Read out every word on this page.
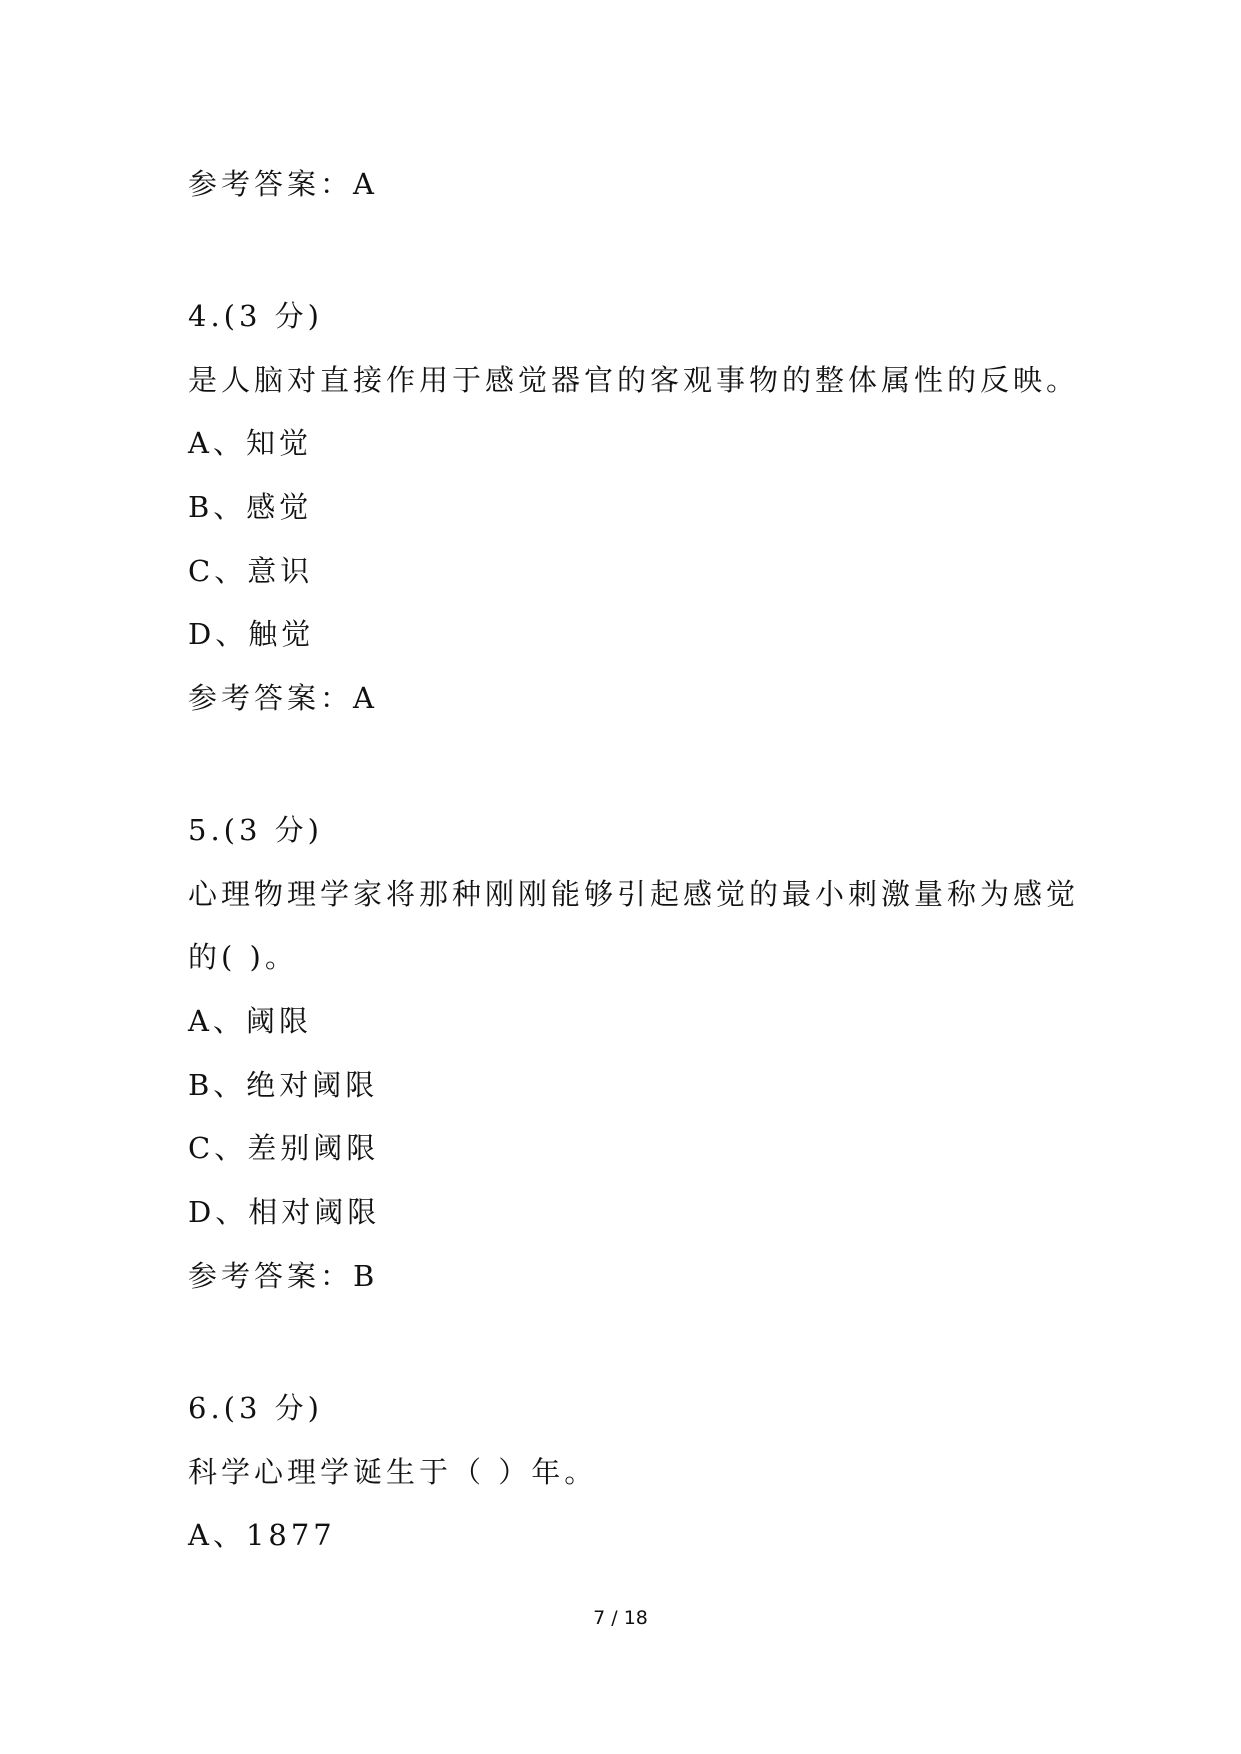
参考答案：A
4.(3 分)
是人脑对直接作用于感觉器官的客观事物的整体属性的反映。
A、知觉
B、感觉
C、意识
D、触觉
参考答案：A
5.(3 分)
心理物理学家将那种刚刚能够引起感觉的最小刺激量称为感觉
的( )。
A、阈限
B、绝对阈限
C、差别阈限
D、相对阈限
参考答案：B
6.(3 分)
科学心理学诞生于（ ）年。
A、1877
7 / 18
